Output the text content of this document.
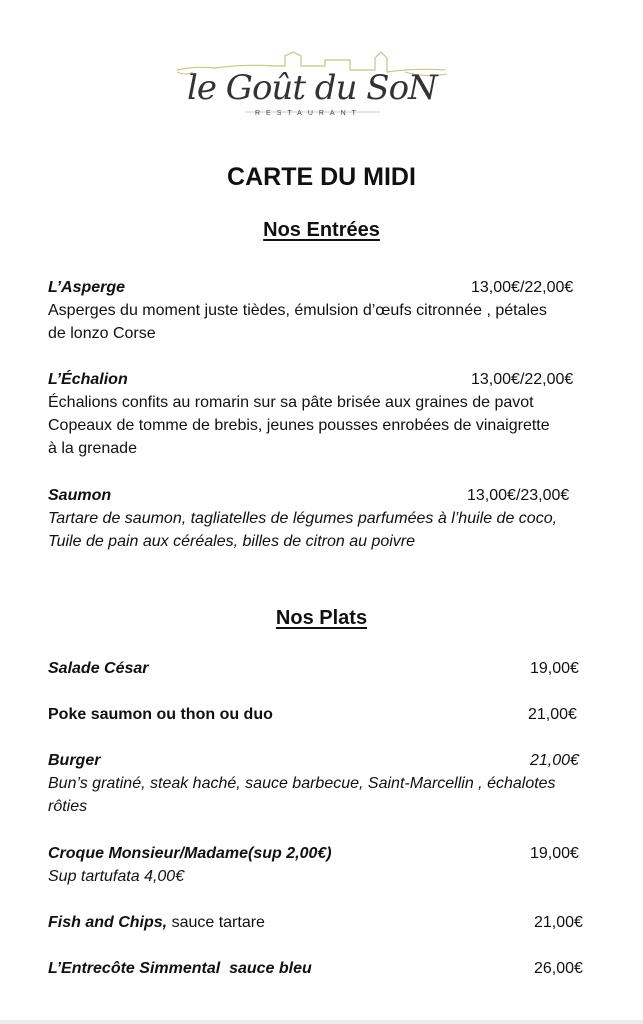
le Goût du SoN
RESTAURANT
CARTE DU MIDI
Nos Entrées
L’Asperge	13,00€/22,00€
Asperges du moment juste tièdes, émulsion d’œufs citronnée , pétales
de lonzo Corse
L’Échalion	13,00€/22,00€
Échalions confits au romarin sur sa pâte brisée aux graines de pavot
Copeaux de tomme de brebis, jeunes pousses enrobées de vinaigrette
à la grenade
Saumon	13,00€/23,00€
Tartare de saumon, tagliatelles de légumes parfumées à l’huile de coco,
Tuile de pain aux céréales, billes de citron au poivre
Nos Plats
Salade César	19,00€
Poke saumon ou thon ou duo	21,00€
Burger	21,00€
Bun’s gratiné, steak haché, sauce barbecue, Saint-Marcellin , échalotes
rôties
Croque Monsieur/Madame(sup 2,00€)	19,00€
Sup tartufata 4,00€
Fish and Chips, sauce tartare	21,00€
L’Entrecôte Simmental  sauce bleu	26,00€
